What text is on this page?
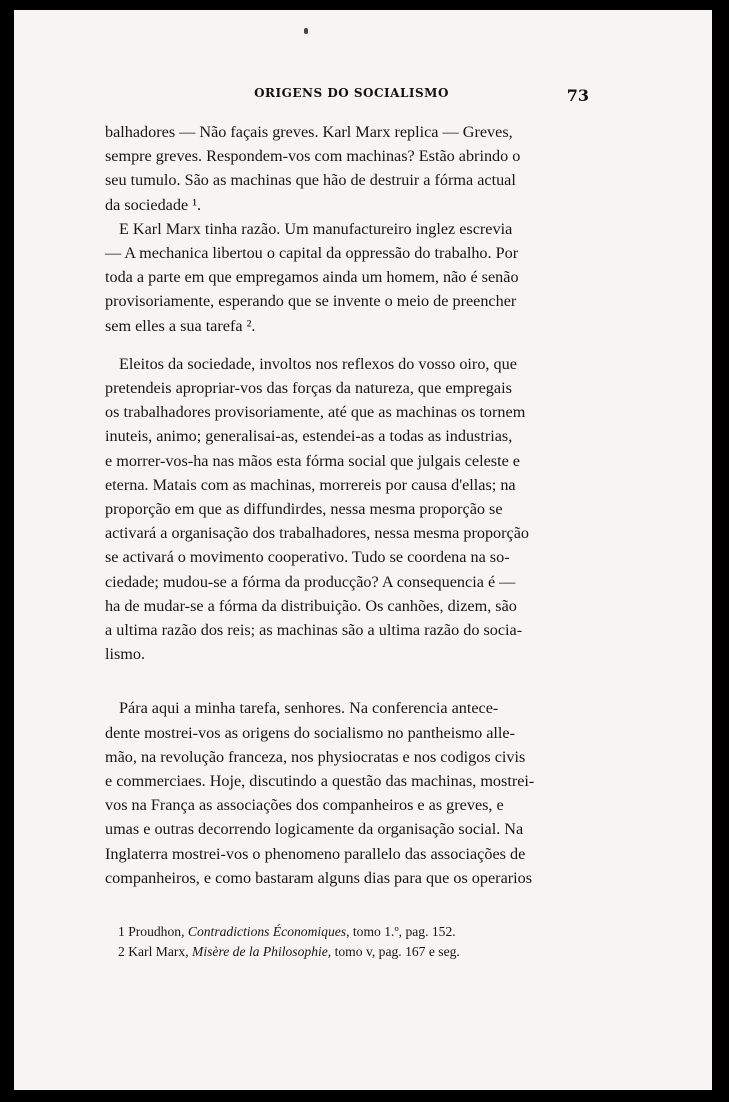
ORIGENS DO SOCIALISMO	73
balhadores — Não façais greves. Karl Marx replica — Greves,
sempre greves. Respondem-vos com machinas? Estão abrindo o
seu tumulo. São as machinas que hão de destruir a fórma actual
da sociedade ¹.
E Karl Marx tinha razão. Um manufactureiro inglez escrevia
— A mechanica libertou o capital da oppressão do trabalho. Por
toda a parte em que empregamos ainda um homem, não é senão
provisoriamente, esperando que se invente o meio de preencher
sem elles a sua tarefa ².
Eleitos da sociedade, involtos nos reflexos do vosso oiro, que
pretendeis apropriar-vos das forças da natureza, que empregais
os trabalhadores provisoriamente, até que as machinas os tornem
inuteis, animo; generalisai-as, estendei-as a todas as industrias,
e morrer-vos-ha nas mãos esta fórma social que julgais celeste e
eterna. Matais com as machinas, morrereis por causa d'ellas; na
proporção em que as diffundirdes, nessa mesma proporção se
activará a organisação dos trabalhadores, nessa mesma proporção
se activará o movimento cooperativo. Tudo se coordena na so-
ciedade; mudou-se a fórma da producção? A consequencia é —
ha de mudar-se a fórma da distribuição. Os canhões, dizem, são
a ultima razão dos reis; as machinas são a ultima razão do socia-
lismo.
Pára aqui a minha tarefa, senhores. Na conferencia antece-
dente mostrei-vos as origens do socialismo no pantheismo alle-
mão, na revolução franceza, nos physiocratas e nos codigos civis
e commerciaes. Hoje, discutindo a questão das machinas, mostrei-
vos na França as associações dos companheiros e as greves, e
umas e outras decorrendo logicamente da organisação social. Na
Inglaterra mostrei-vos o phenomeno parallelo das associações de
companheiros, e como bastaram alguns dias para que os operarios
1 Proudhon, Contradictions Économiques, tomo 1.º, pag. 152.
2 Karl Marx, Misère de la Philosophie, tomo v, pag. 167 e seg.
